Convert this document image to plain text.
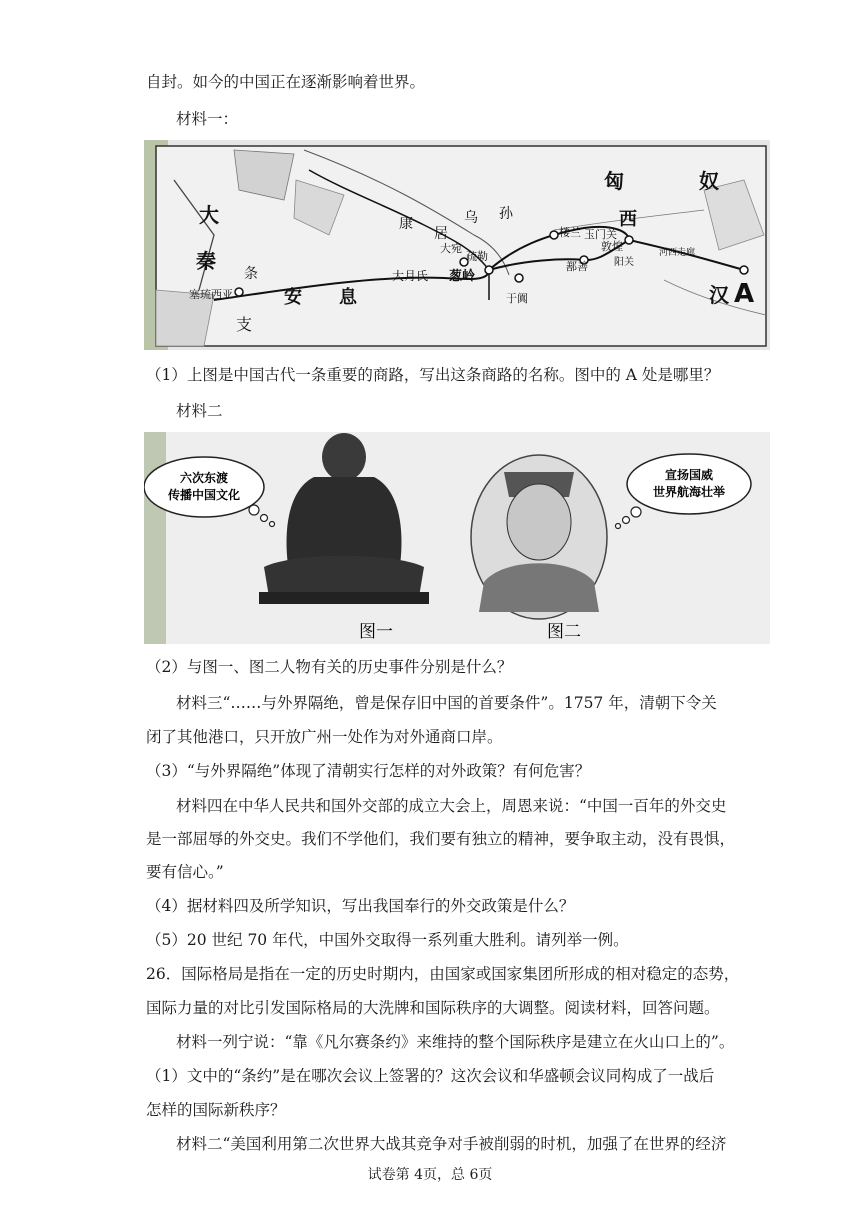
自封。如今的中国正在逐渐影响着世界。
材料一：
匈	奴
西
大
秦
康
居
乌 孙
大宛
楼兰 玉门关
敦煌	河西走廊
疏勒
鄯善	阳关
大月氏 葱岭
于阗
条
塞琉西亚	安 息
支
汉 A
（1）上图是中国古代一条重要的商路，写出这条商路的名称。图中的 A 处是哪里？
材料二
六次东渡
传播中国文化
宣扬国威
世界航海壮举
图一	图二
（2）与图一、图二人物有关的历史事件分别是什么？
材料三“……与外界隔绝，曾是保存旧中国的首要条件”。1757 年，清朝下令关
闭了其他港口，只开放广州一处作为对外通商口岸。
（3）“与外界隔绝”体现了清朝实行怎样的对外政策？有何危害？
材料四在中华人民共和国外交部的成立大会上，周恩来说：“中国一百年的外交史
是一部屈辱的外交史。我们不学他们，我们要有独立的精神，要争取主动，没有畏惧，
要有信心。”
（4）据材料四及所学知识，写出我国奉行的外交政策是什么？
（5）20 世纪 70 年代，中国外交取得一系列重大胜利。请列举一例。
26．国际格局是指在一定的历史时期内，由国家或国家集团所形成的相对稳定的态势，
国际力量的对比引发国际格局的大洗牌和国际秩序的大调整。阅读材料，回答问题。
材料一列宁说：“靠《凡尔赛条约》来维持的整个国际秩序是建立在火山口上的”。
（1）文中的“条约”是在哪次会议上签署的？这次会议和华盛顿会议同构成了一战后
怎样的国际新秩序？
材料二“美国利用第二次世界大战其竞争对手被削弱的时机，加强了在世界的经济
试卷第 4页，总 6页
